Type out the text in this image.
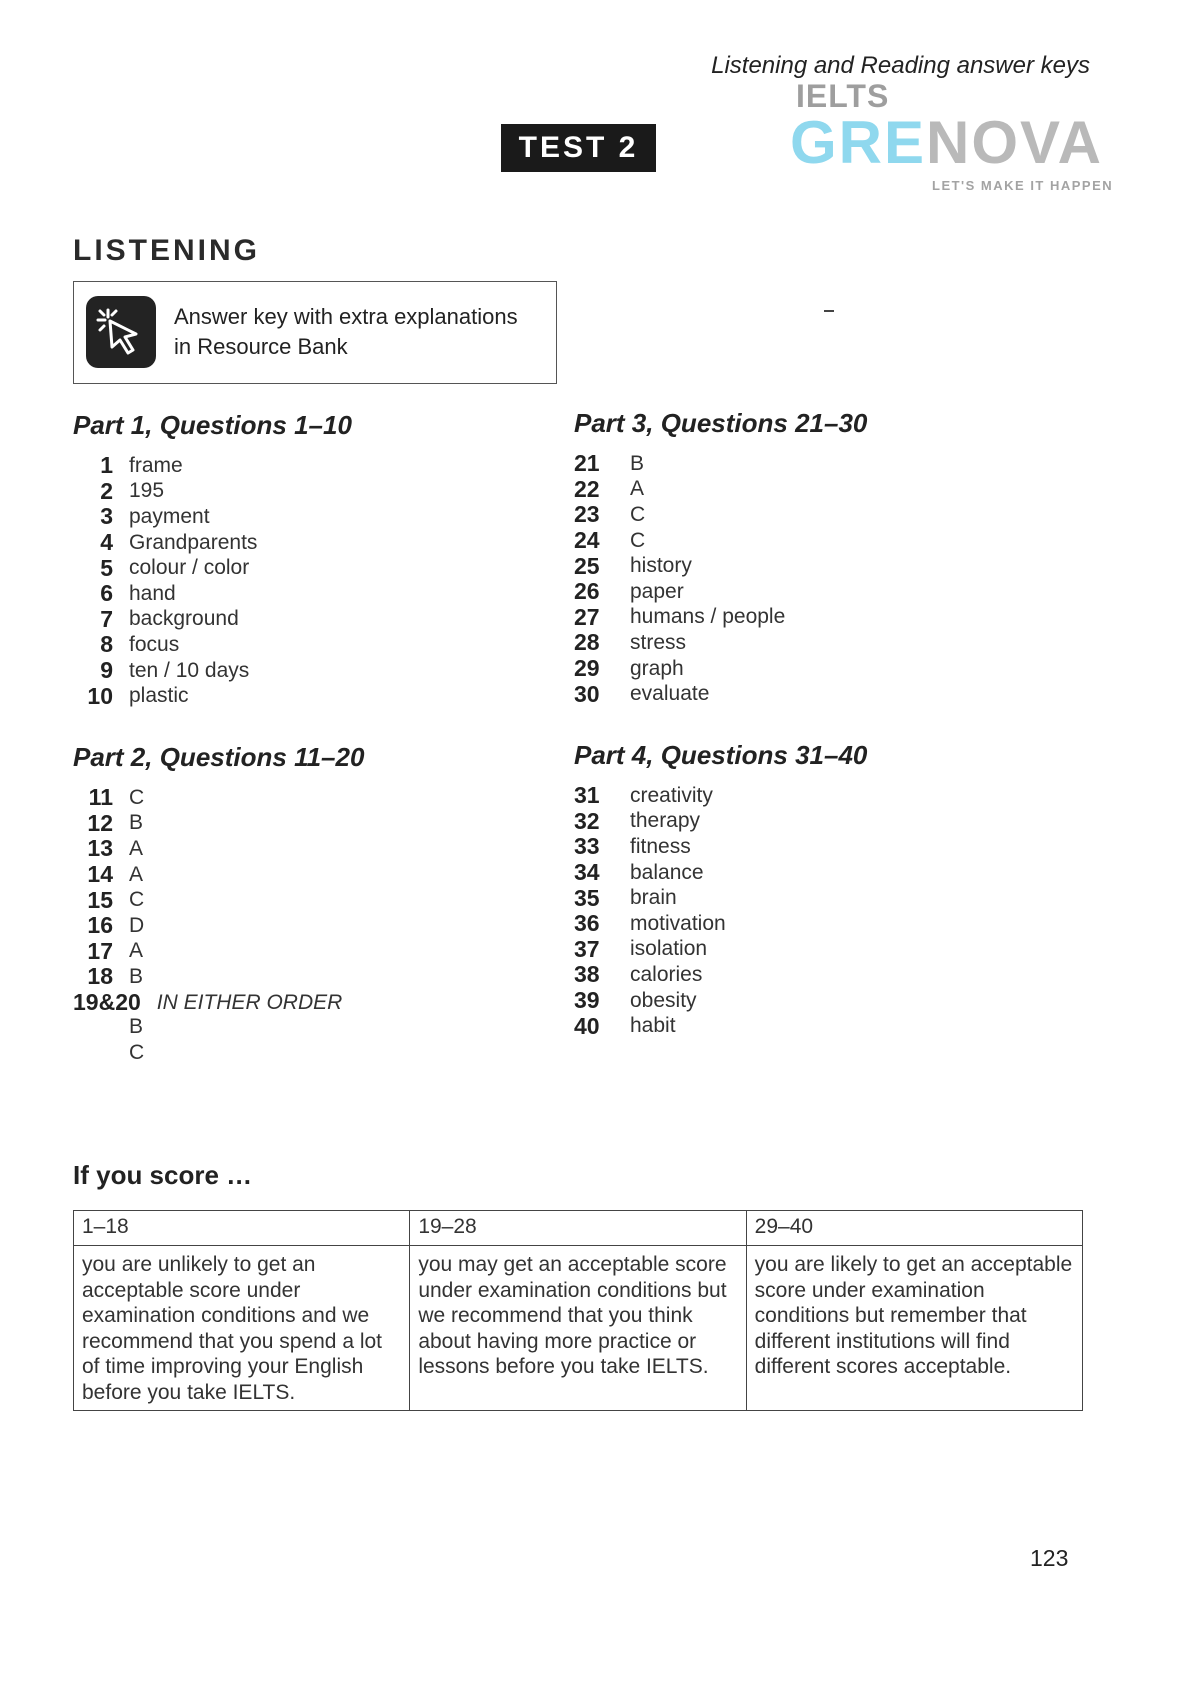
Listening and Reading answer keys
TEST 2
IELTS
GRENOVA
LET'S MAKE IT HAPPEN
LISTENING
Answer key with extra explanations
in Resource Bank
Part 1, Questions 1–10
1 frame
2 195
3 payment
4 Grandparents
5 colour / color
6 hand
7 background
8 focus
9 ten / 10 days
10 plastic
Part 2, Questions 11–20
11 C
12 B
13 A
14 A
15 C
16 D
17 A
18 B
19&20 IN EITHER ORDER
B
C
Part 3, Questions 21–30
21	B
22	A
23	C
24	C
25	history
26	paper
27	humans / people
28	stress
29	graph
30	evaluate
Part 4, Questions 31–40
31	creativity
32	therapy
33	fitness
34	balance
35	brain
36	motivation
37	isolation
38	calories
39	obesity
40	habit
If you score …
1–18	19–28	29–40
you are unlikely to get an acceptable score under examination conditions and we recommend that you spend a lot of time improving your English before you take IELTS.	you may get an acceptable score under examination conditions but we recommend that you think about having more practice or lessons before you take IELTS.	you are likely to get an acceptable score under examination conditions but remember that different institutions will find different scores acceptable.
123
